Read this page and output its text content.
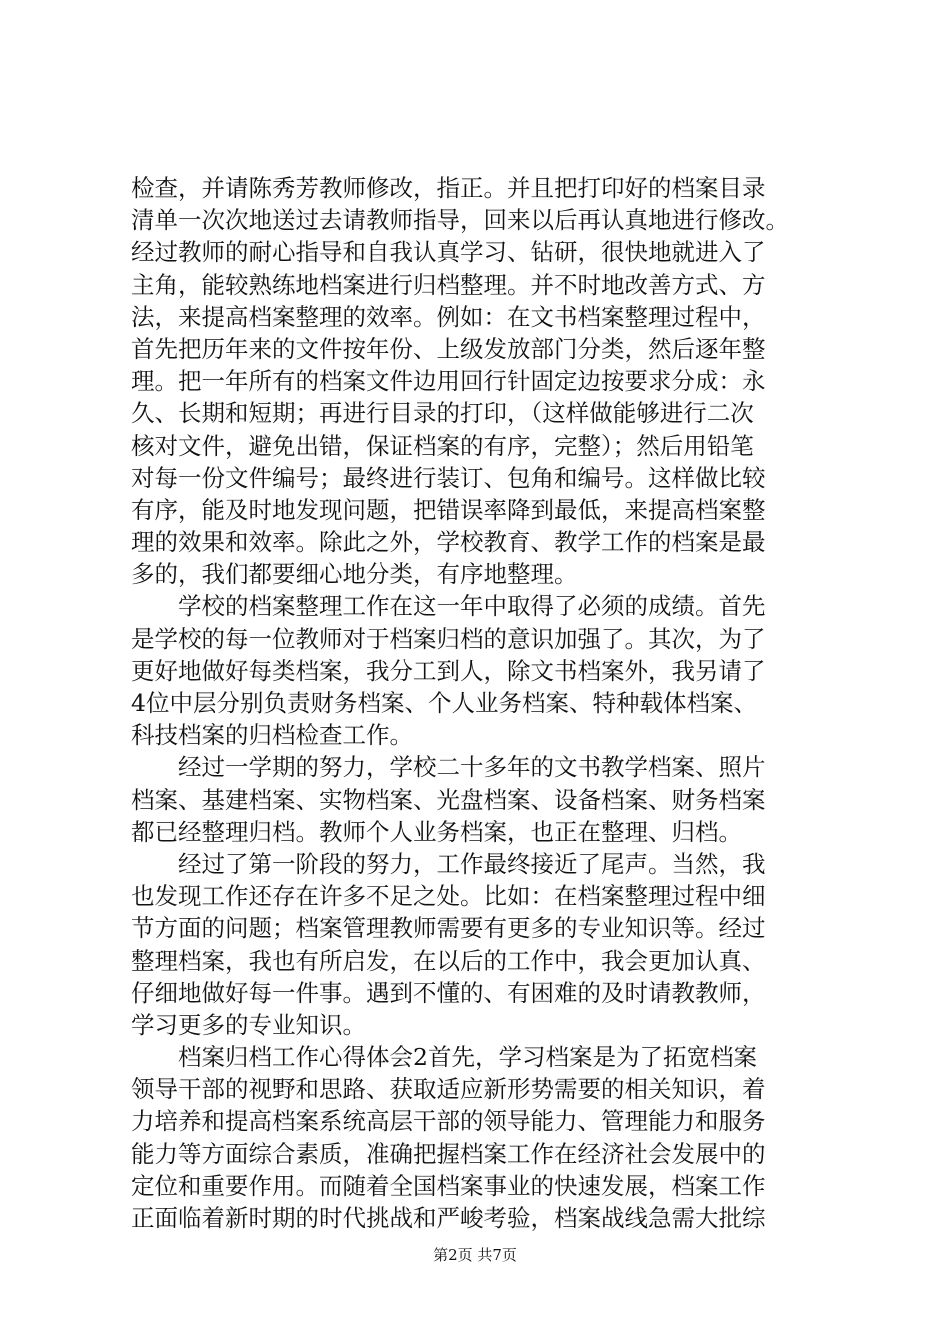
检查，并请陈秀芳教师修改，指正。并且把打印好的档案目录
清单一次次地送过去请教师指导，回来以后再认真地进行修改。
经过教师的耐心指导和自我认真学习、钻研，很快地就进入了
主角，能较熟练地档案进行归档整理。并不时地改善方式、方
法，来提高档案整理的效率。例如：在文书档案整理过程中，
首先把历年来的文件按年份、上级发放部门分类，然后逐年整
理。把一年所有的档案文件边用回行针固定边按要求分成：永
久、长期和短期；再进行目录的打印，（这样做能够进行二次
核对文件，避免出错，保证档案的有序，完整）；然后用铅笔
对每一份文件编号；最终进行装订、包角和编号。这样做比较
有序，能及时地发现问题，把错误率降到最低，来提高档案整
理的效果和效率。除此之外，学校教育、教学工作的档案是最
多的，我们都要细心地分类，有序地整理。
　　学校的档案整理工作在这一年中取得了必须的成绩。首先
是学校的每一位教师对于档案归档的意识加强了。其次，为了
更好地做好每类档案，我分工到人，除文书档案外，我另请了
4位中层分别负责财务档案、个人业务档案、特种载体档案、
科技档案的归档检查工作。
　　经过一学期的努力，学校二十多年的文书教学档案、照片
档案、基建档案、实物档案、光盘档案、设备档案、财务档案
都已经整理归档。教师个人业务档案，也正在整理、归档。
　　经过了第一阶段的努力，工作最终接近了尾声。当然，我
也发现工作还存在许多不足之处。比如：在档案整理过程中细
节方面的问题；档案管理教师需要有更多的专业知识等。经过
整理档案，我也有所启发，在以后的工作中，我会更加认真、
仔细地做好每一件事。遇到不懂的、有困难的及时请教教师，
学习更多的专业知识。
　　档案归档工作心得体会2首先，学习档案是为了拓宽档案
领导干部的视野和思路、获取适应新形势需要的相关知识，着
力培养和提高档案系统高层干部的领导能力、管理能力和服务
能力等方面综合素质，准确把握档案工作在经济社会发展中的
定位和重要作用。而随着全国档案事业的快速发展，档案工作
正面临着新时期的时代挑战和严峻考验，档案战线急需大批综
第2页 共7页
